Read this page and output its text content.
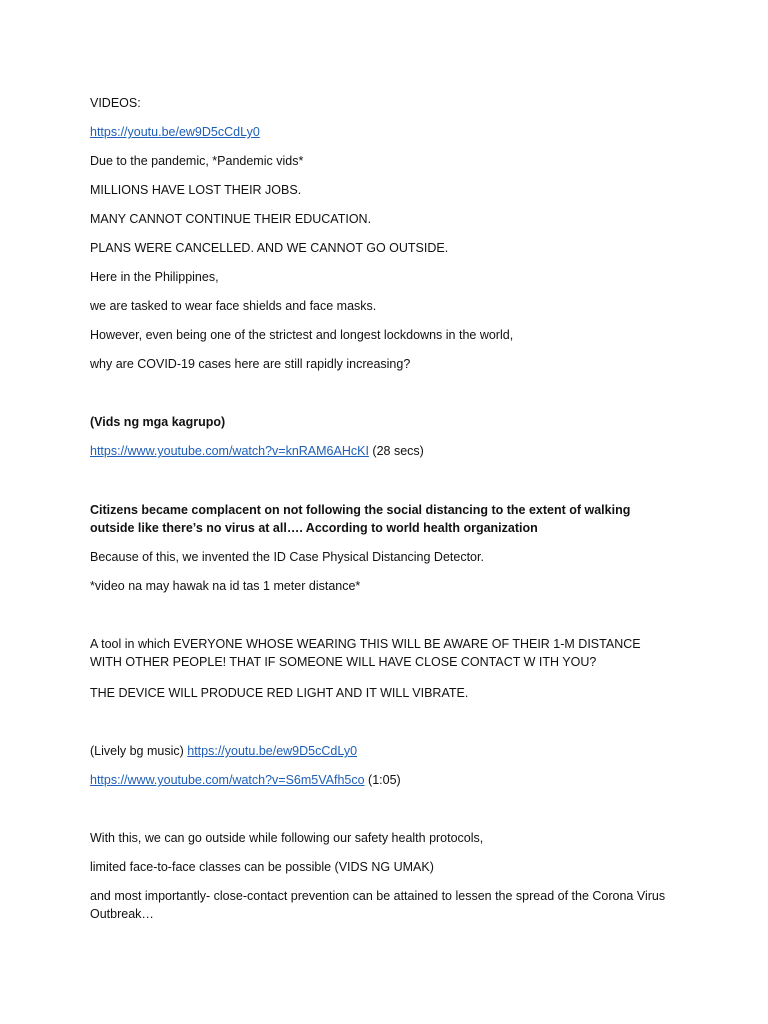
VIDEOS:
https://youtu.be/ew9D5cCdLy0
Due to the pandemic, *Pandemic vids*
MILLIONS HAVE LOST THEIR JOBS.
MANY CANNOT CONTINUE THEIR EDUCATION.
PLANS WERE CANCELLED. AND WE CANNOT GO OUTSIDE.
Here in the Philippines,
we are tasked to wear face shields and face masks.
However, even being one of the strictest and longest lockdowns in the world,
why are COVID-19 cases here are still rapidly increasing?
(Vids ng mga kagrupo)
https://www.youtube.com/watch?v=knRAM6AHcKI (28 secs)
Citizens became complacent on not following the social distancing to the extent of walking outside like there’s no virus at all…. According to world health organization
Because of this, we invented the ID Case Physical Distancing Detector.
*video na may hawak na id tas 1 meter distance*
A tool in which EVERYONE WHOSE WEARING THIS WILL BE AWARE OF THEIR 1-M DISTANCE WITH OTHER PEOPLE! THAT IF SOMEONE WILL HAVE CLOSE CONTACT W ITH YOU?
THE DEVICE WILL PRODUCE RED LIGHT AND IT WILL VIBRATE.
(Lively bg music) https://youtu.be/ew9D5cCdLy0
https://www.youtube.com/watch?v=S6m5VAfh5co (1:05)
With this, we can go outside while following our safety health protocols,
limited face-to-face classes can be possible (VIDS NG UMAK)
and most importantly- close-contact prevention can be attained to lessen the spread of the Corona Virus Outbreak…
